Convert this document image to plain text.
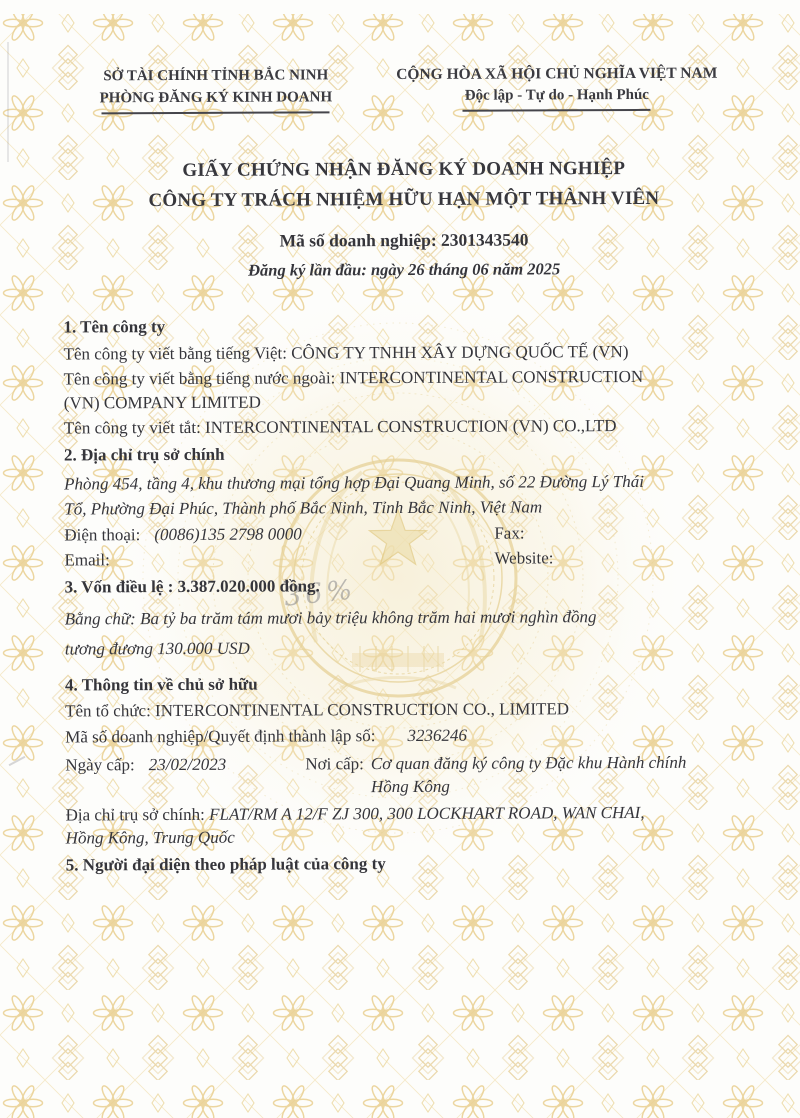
36%
SỞ TÀI CHÍNH TỈNH BẮC NINH
PHÒNG ĐĂNG KÝ KINH DOANH
CỘNG HÒA XÃ HỘI CHỦ NGHĨA VIỆT NAM
Độc lập - Tự do - Hạnh Phúc
GIẤY CHỨNG NHẬN ĐĂNG KÝ DOANH NGHIỆP
CÔNG TY TRÁCH NHIỆM HỮU HẠN MỘT THÀNH VIÊN
Mã số doanh nghiệp: 2301343540
Đăng ký lần đầu: ngày 26 tháng 06 năm 2025
1. Tên công ty

Tên công ty viết bằng tiếng Việt: CÔNG TY TNHH XÂY DỰNG QUỐC TẾ (VN)

Tên công ty viết bằng tiếng nước ngoài: INTERCONTINENTAL CONSTRUCTION
(VN) COMPANY LIMITED

Tên công ty viết tắt: INTERCONTINENTAL CONSTRUCTION (VN) CO.,LTD

2. Địa chỉ trụ sở chính

Phòng 454, tầng 4, khu thương mại tổng hợp Đại Quang Minh, số 22 Đường Lý Thái
Tổ, Phường Đại Phúc, Thành phố Bắc Ninh, Tỉnh Bắc Ninh, Việt Nam

Điện thoại: (0086)135 2798 0000	Fax:

Email:	Website:

3. Vốn điều lệ : 3.387.020.000 đồng.

Bằng chữ: Ba tỷ ba trăm tám mươi bảy triệu không trăm hai mươi nghìn đồng

tương đương 130.000 USD

4. Thông tin về chủ sở hữu

Tên tổ chức: INTERCONTINENTAL CONSTRUCTION CO., LIMITED

Mã số doanh nghiệp/Quyết định thành lập số: 3236246

Ngày cấp: 23/02/2023	Nơi cấp: Cơ quan đăng ký công ty Đặc khu Hành chính
Hồng Kông

Địa chỉ trụ sở chính: FLAT/RM A 12/F ZJ 300, 300 LOCKHART ROAD, WAN CHAI,
Hồng Kông, Trung Quốc

5. Người đại diện theo pháp luật của công ty
